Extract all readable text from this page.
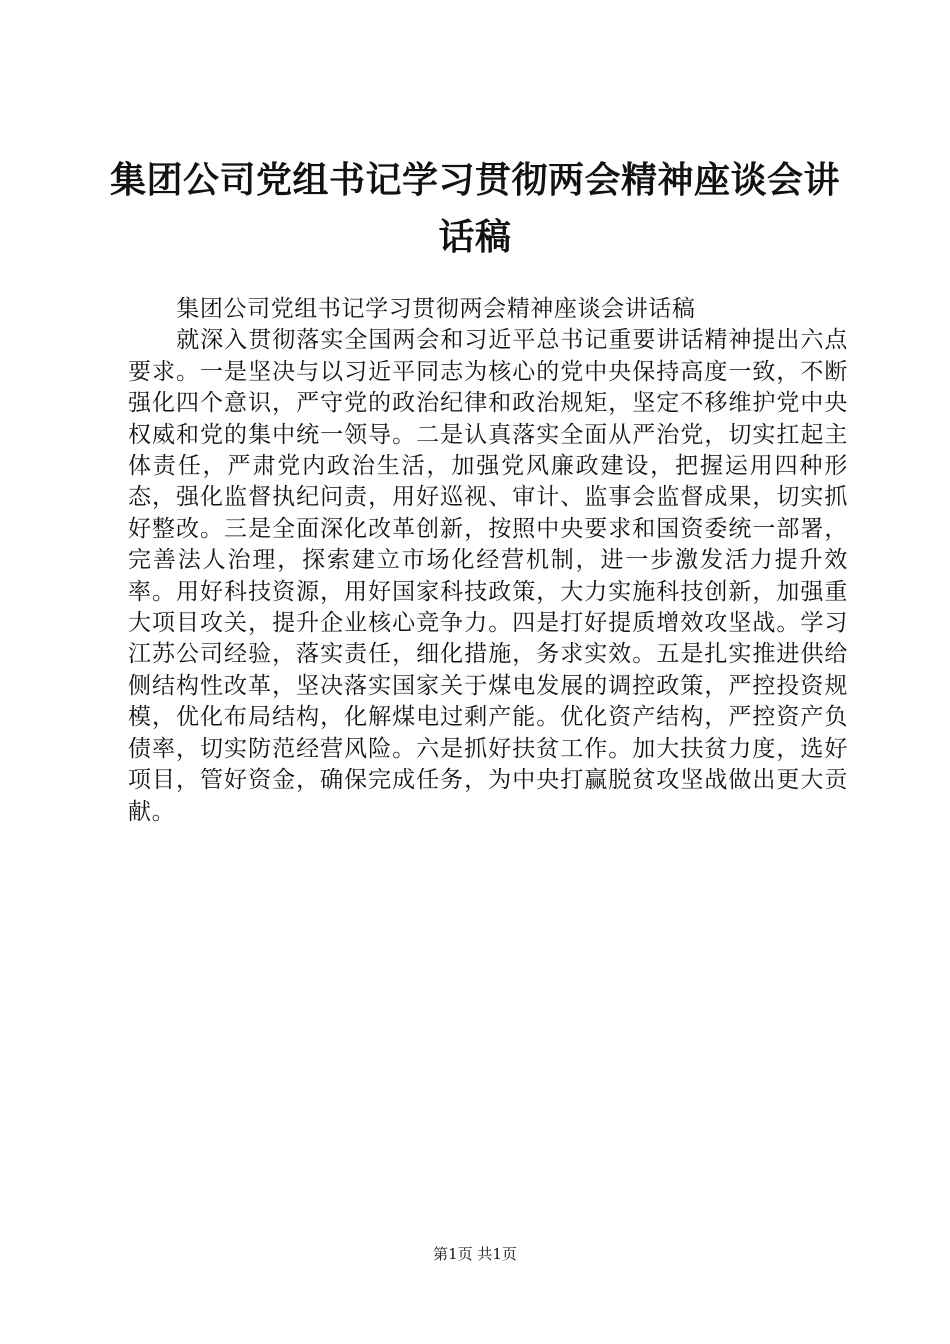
集团公司党组书记学习贯彻两会精神座谈会讲话稿

集团公司党组书记学习贯彻两会精神座谈会讲话稿

就深入贯彻落实全国两会和习近平总书记重要讲话精神提出六点要求。一是坚决与以习近平同志为核心的党中央保持高度一致，不断强化四个意识，严守党的政治纪律和政治规矩，坚定不移维护党中央权威和党的集中统一领导。二是认真落实全面从严治党，切实扛起主体责任，严肃党内政治生活，加强党风廉政建设，把握运用四种形态，强化监督执纪问责，用好巡视、审计、监事会监督成果，切实抓好整改。三是全面深化改革创新，按照中央要求和国资委统一部署，完善法人治理，探索建立市场化经营机制，进一步激发活力提升效率。用好科技资源，用好国家科技政策，大力实施科技创新，加强重大项目攻关，提升企业核心竞争力。四是打好提质增效攻坚战。学习江苏公司经验，落实责任，细化措施，务求实效。五是扎实推进供给侧结构性改革，坚决落实国家关于煤电发展的调控政策，严控投资规模，优化布局结构，化解煤电过剩产能。优化资产结构，严控资产负债率，切实防范经营风险。六是抓好扶贫工作。加大扶贫力度，选好项目，管好资金，确保完成任务，为中央打赢脱贫攻坚战做出更大贡献。

第1页 共1页
